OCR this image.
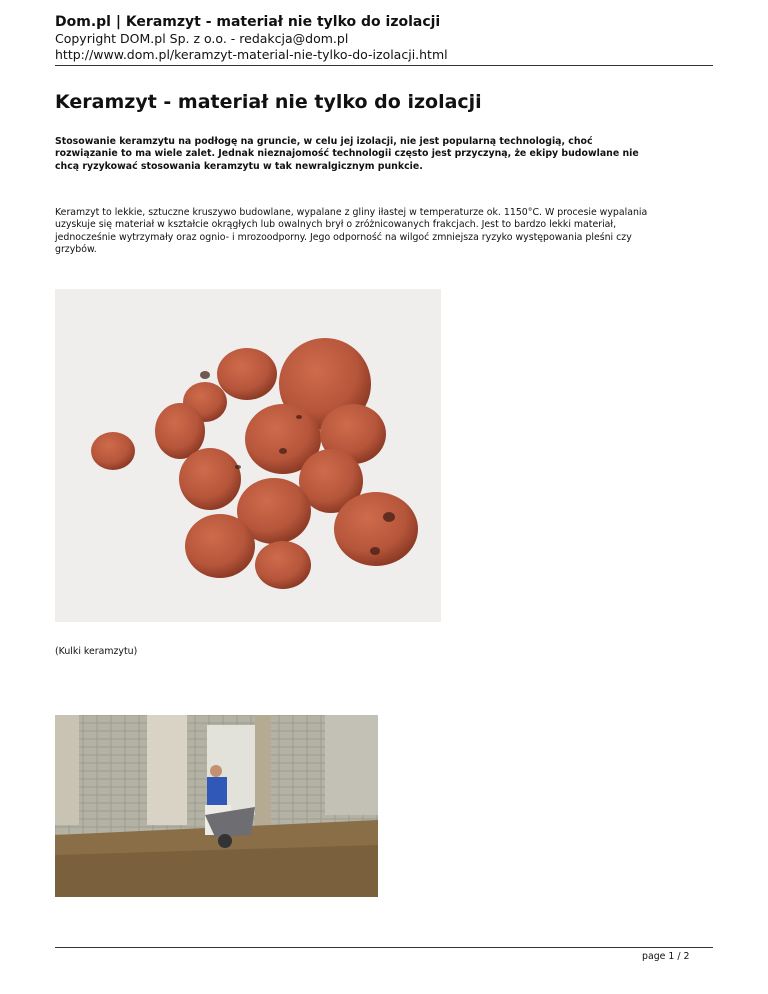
Dom.pl | Keramzyt - materiał nie tylko do izolacji
Copyright DOM.pl Sp. z o.o. - redakcja@dom.pl
http://www.dom.pl/keramzyt-material-nie-tylko-do-izolacji.html
Keramzyt - materiał nie tylko do izolacji
Stosowanie keramzytu na podłogę na gruncie, w celu jej izolacji, nie jest popularną technologią, choć
rozwiązanie to ma wiele zalet. Jednak nieznajomość technologii często jest przyczyną, że ekipy budowlane nie
chcą ryzykować stosowania keramzytu w tak newralgicznym punkcie.
Keramzyt to lekkie, sztuczne kruszywo budowlane, wypalane z gliny iłastej w temperaturze ok. 1150°C. W procesie wypalania
uzyskuje się materiał w kształcie okrągłych lub owalnych brył o zróżnicowanych frakcjach. Jest to bardzo lekki materiał,
jednocześnie wytrzymały oraz ognio- i mrozoodporny. Jego odporność na wilgoć zmniejsza ryzyko występowania pleśni czy
grzybów.
(Kulki keramzytu)
page 1 / 2
